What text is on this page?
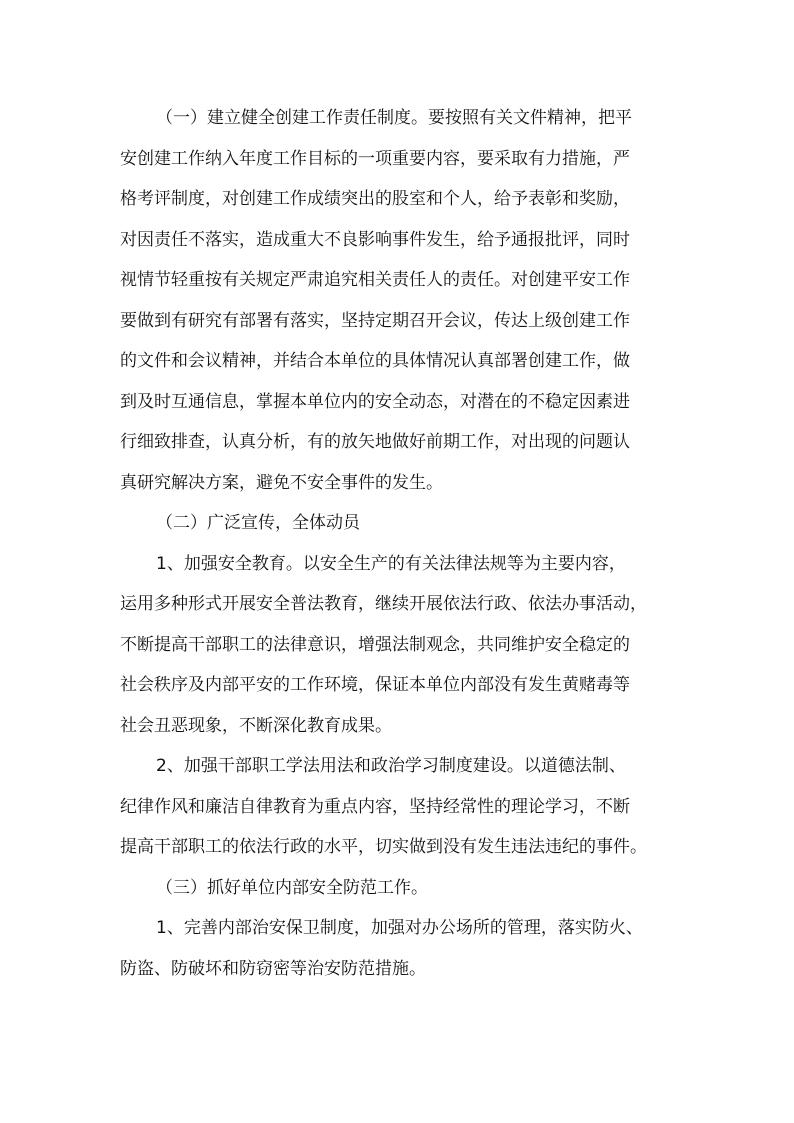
（一）建立健全创建工作责任制度。要按照有关文件精神，把平
安创建工作纳入年度工作目标的一项重要内容，要采取有力措施，严
格考评制度，对创建工作成绩突出的股室和个人，给予表彰和奖励，
对因责任不落实，造成重大不良影响事件发生，给予通报批评，同时
视情节轻重按有关规定严肃追究相关责任人的责任。对创建平安工作
要做到有研究有部署有落实，坚持定期召开会议，传达上级创建工作
的文件和会议精神，并结合本单位的具体情况认真部署创建工作，做
到及时互通信息，掌握本单位内的安全动态，对潜在的不稳定因素进
行细致排查，认真分析，有的放矢地做好前期工作，对出现的问题认
真研究解决方案，避免不安全事件的发生。
（二）广泛宣传，全体动员
1、加强安全教育。以安全生产的有关法律法规等为主要内容，
运用多种形式开展安全普法教育，继续开展依法行政、依法办事活动，
不断提高干部职工的法律意识，增强法制观念，共同维护安全稳定的
社会秩序及内部平安的工作环境，保证本单位内部没有发生黄赌毒等
社会丑恶现象，不断深化教育成果。
2、加强干部职工学法用法和政治学习制度建设。以道德法制、
纪律作风和廉洁自律教育为重点内容，坚持经常性的理论学习，不断
提高干部职工的依法行政的水平，切实做到没有发生违法违纪的事件。
（三）抓好单位内部安全防范工作。
1、完善内部治安保卫制度，加强对办公场所的管理，落实防火、
防盗、防破坏和防窃密等治安防范措施。
